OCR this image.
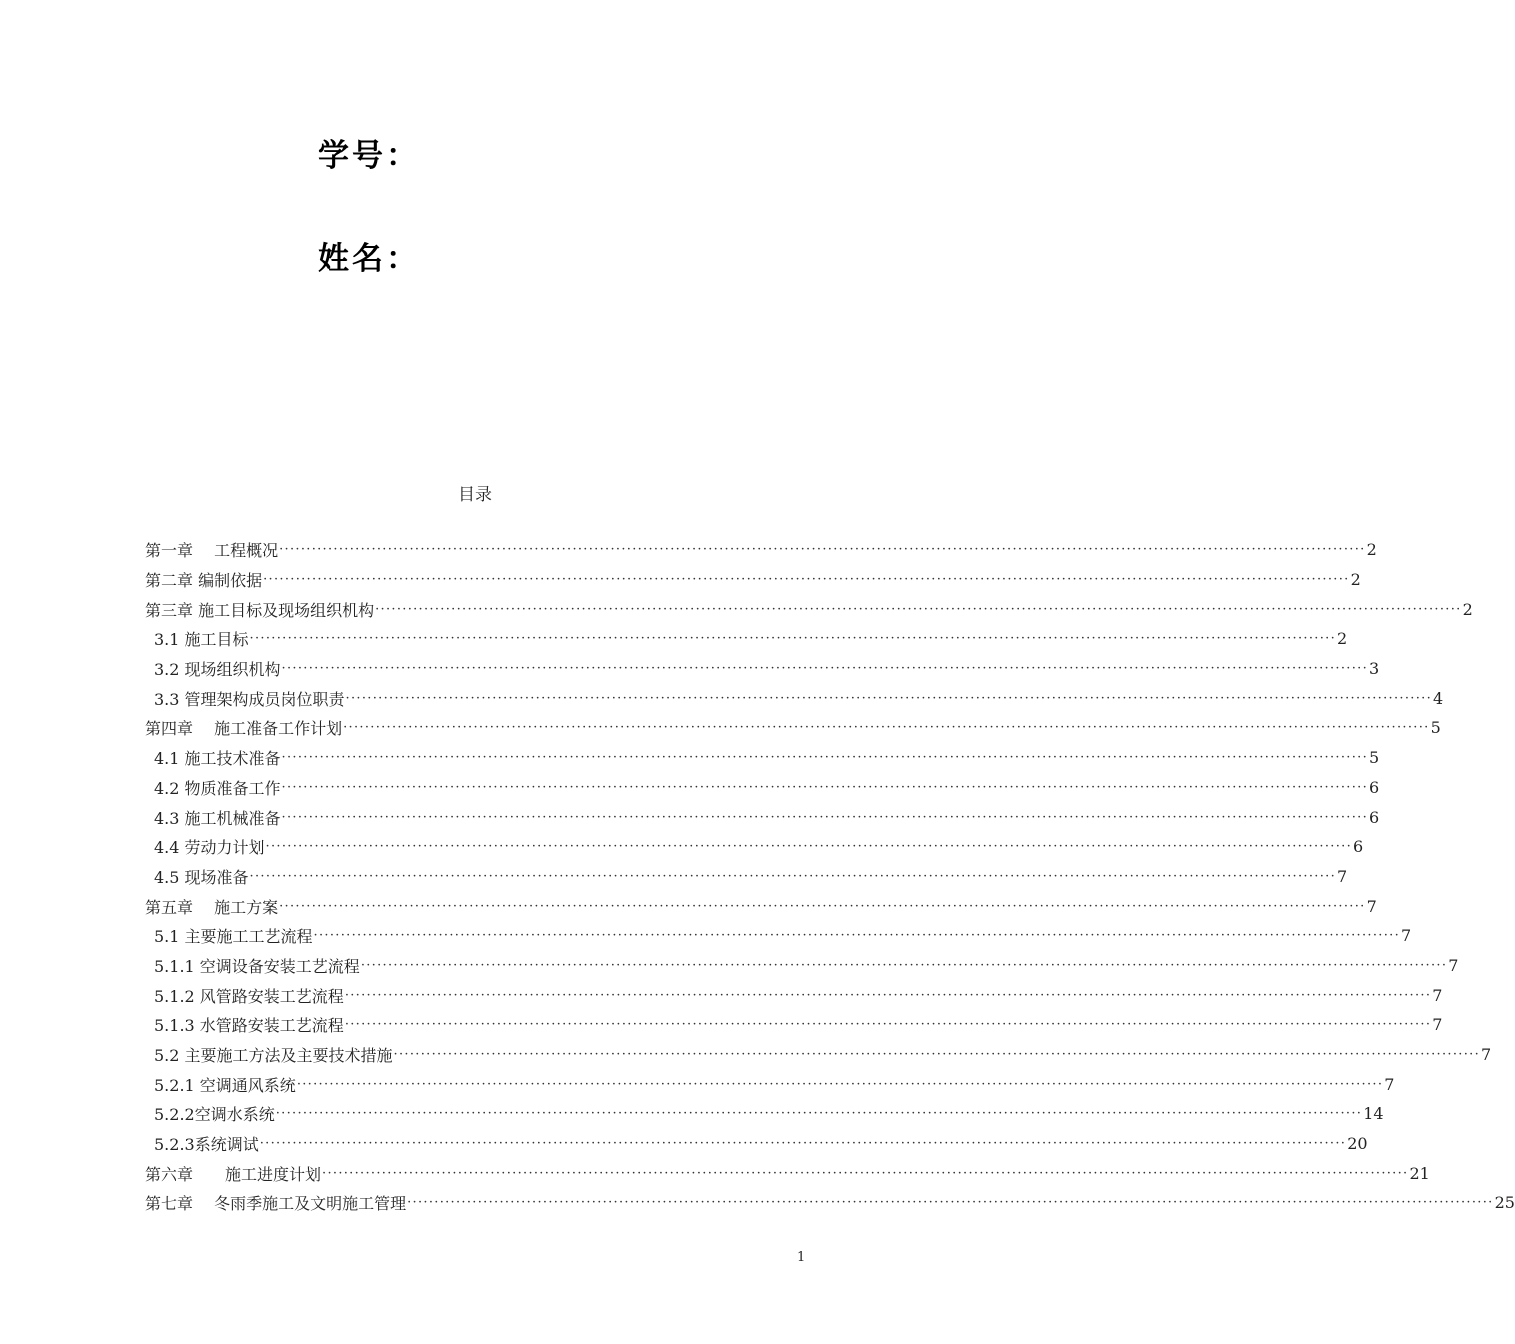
学号：
姓名：
目录
第一章　 工程概况 ········································································································································································································ 2
第二章 编制依据 ········································································································································································································ 2
第三章 施工目标及现场组织机构 ········································································································································································································ 2
3.1 施工目标 ········································································································································································································ 2
3.2 现场组织机构 ········································································································································································································ 3
3.3 管理架构成员岗位职责 ········································································································································································································ 4
第四章　 施工准备工作计划 ········································································································································································································ 5
4.1 施工技术准备 ········································································································································································································ 5
4.2 物质准备工作 ········································································································································································································ 6
4.3 施工机械准备 ········································································································································································································ 6
4.4 劳动力计划 ········································································································································································································ 6
4.5 现场准备 ········································································································································································································ 7
第五章　 施工方案 ········································································································································································································ 7
5.1 主要施工工艺流程 ········································································································································································································ 7
5.1.1 空调设备安装工艺流程 ········································································································································································································ 7
5.1.2 风管路安装工艺流程 ········································································································································································································ 7
5.1.3 水管路安装工艺流程 ········································································································································································································ 7
5.2 主要施工方法及主要技术措施 ········································································································································································································ 7
5.2.1 空调通风系统 ········································································································································································································ 7
5.2.2空调水系统 ········································································································································································································ 14
5.2.3系统调试 ········································································································································································································ 20
第六章　　施工进度计划 ········································································································································································································ 21
第七章　 冬雨季施工及文明施工管理 ········································································································································································································ 25
1
